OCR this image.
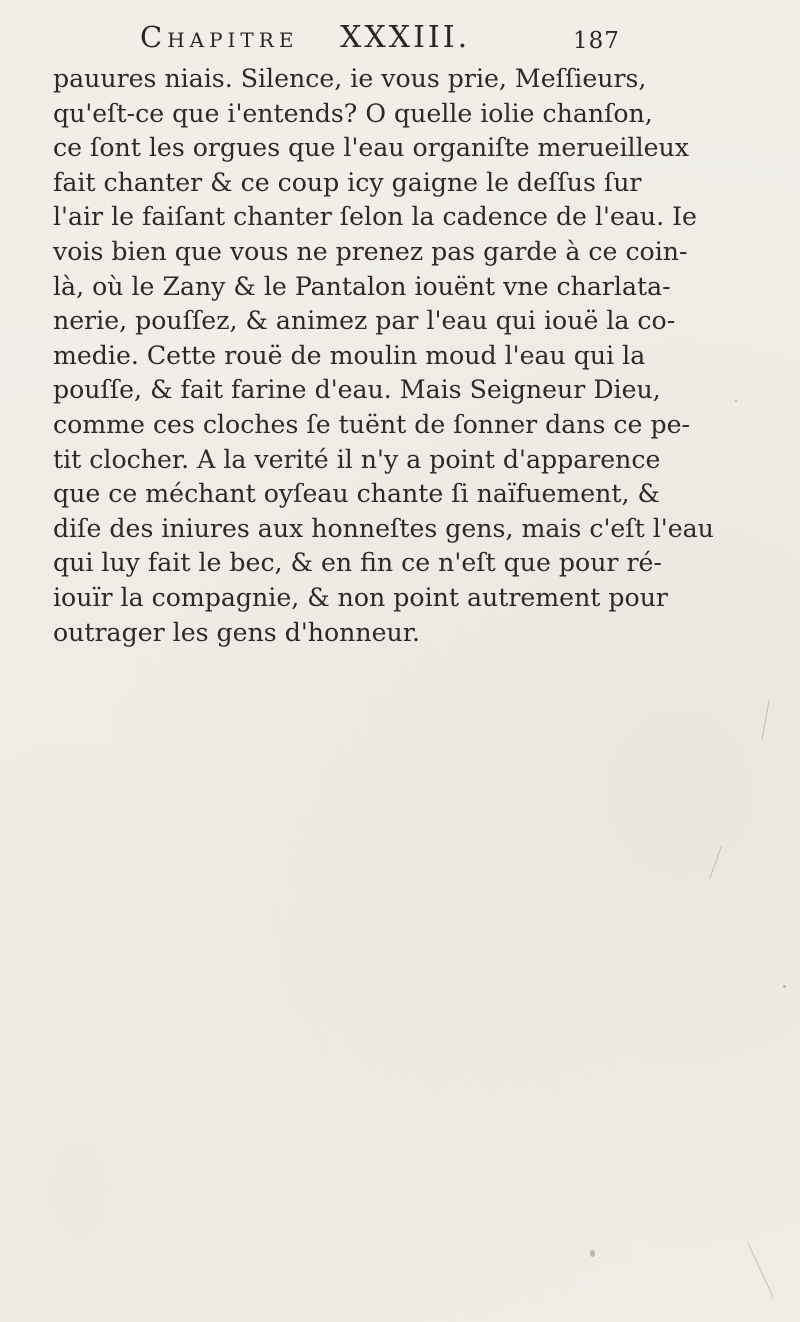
Chapitre XXXIII.	187
pauures niais. Silence, ie vous prie, Meſſieurs,
qu'eſt-ce que i'entends? O quelle iolie chanſon,
ce ſont les orgues que l'eau organiſte merueilleux
fait chanter & ce coup icy gaigne le deſſus ſur
l'air le faiſant chanter ſelon la cadence de l'eau. Ie
vois bien que vous ne prenez pas garde à ce coin-
là, où le Zany & le Pantalon iouënt vne charlata-
nerie, pouſſez, & animez par l'eau qui iouë la co-
medie. Cette rouë de moulin moud l'eau qui la
pouſſe, & fait farine d'eau. Mais Seigneur Dieu,
comme ces cloches ſe tuënt de ſonner dans ce pe-
tit clocher. A la verité il n'y a point d'apparence
que ce méchant oyſeau chante ſi naïfuement, &
diſe des iniures aux honneſtes gens, mais c'eſt l'eau
qui luy fait le bec, & en fin ce n'eſt que pour ré-
iouïr la compagnie, & non point autrement pour
outrager les gens d'honneur.
